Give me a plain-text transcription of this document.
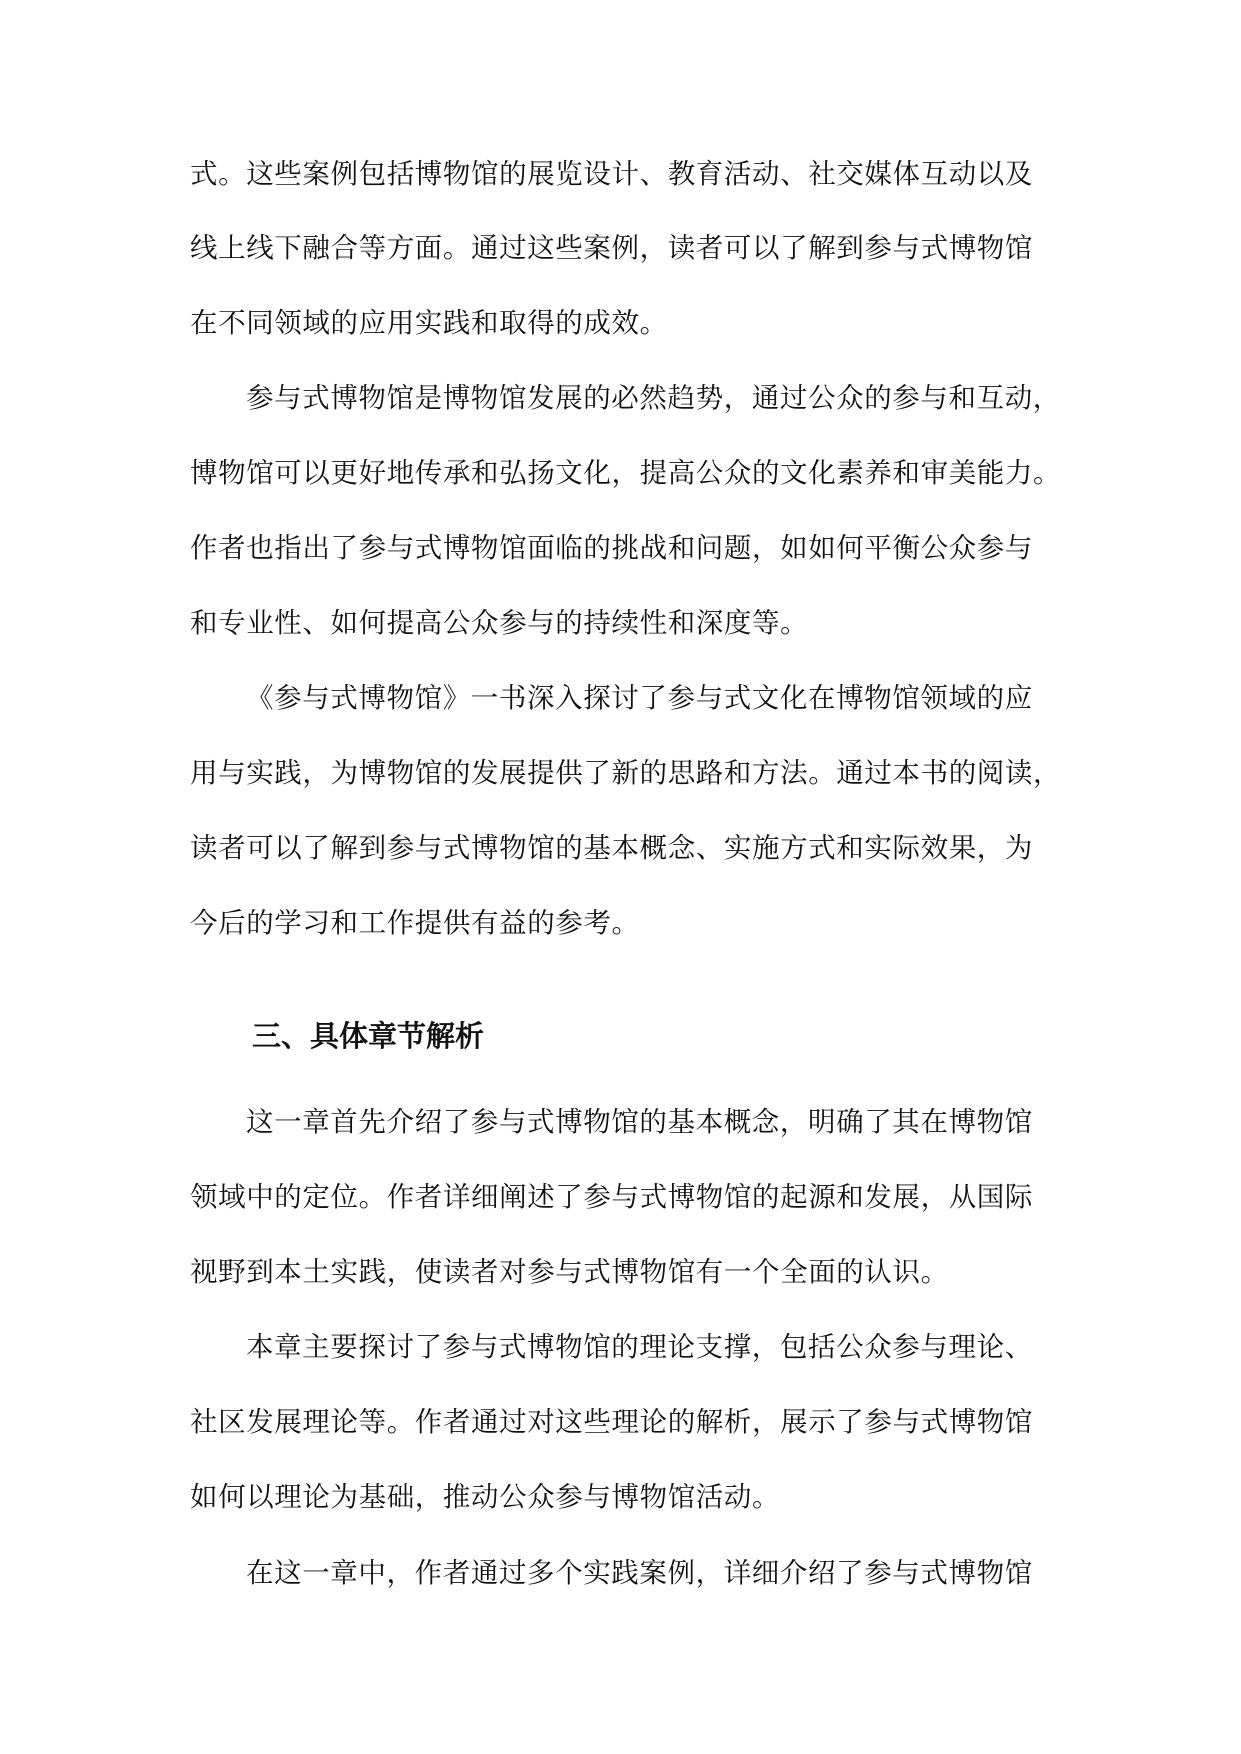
式。这些案例包括博物馆的展览设计、教育活动、社交媒体互动以及
线上线下融合等方面。通过这些案例，读者可以了解到参与式博物馆
在不同领域的应用实践和取得的成效。
参与式博物馆是博物馆发展的必然趋势，通过公众的参与和互动，
博物馆可以更好地传承和弘扬文化，提高公众的文化素养和审美能力。
作者也指出了参与式博物馆面临的挑战和问题，如如何平衡公众参与
和专业性、如何提高公众参与的持续性和深度等。
《参与式博物馆》一书深入探讨了参与式文化在博物馆领域的应
用与实践，为博物馆的发展提供了新的思路和方法。通过本书的阅读，
读者可以了解到参与式博物馆的基本概念、实施方式和实际效果，为
今后的学习和工作提供有益的参考。
三、具体章节解析
这一章首先介绍了参与式博物馆的基本概念，明确了其在博物馆
领域中的定位。作者详细阐述了参与式博物馆的起源和发展，从国际
视野到本土实践，使读者对参与式博物馆有一个全面的认识。
本章主要探讨了参与式博物馆的理论支撑，包括公众参与理论、
社区发展理论等。作者通过对这些理论的解析，展示了参与式博物馆
如何以理论为基础，推动公众参与博物馆活动。
在这一章中，作者通过多个实践案例，详细介绍了参与式博物馆
